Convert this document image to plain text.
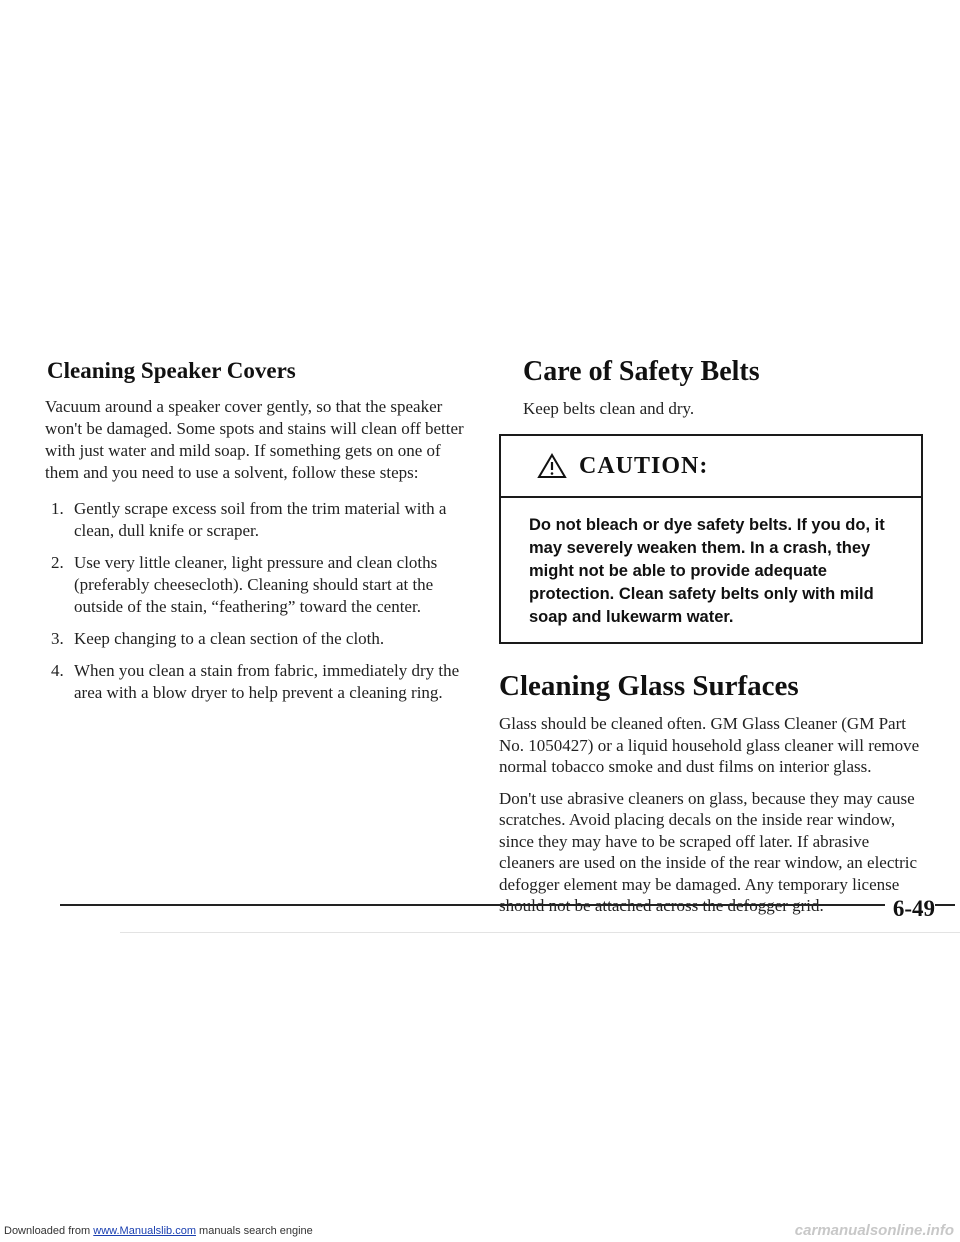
Cleaning Speaker Covers

Vacuum around a speaker cover gently, so that the speaker won't be damaged. Some spots and stains will clean off better with just water and mild soap. If something gets on one of them and you need to use a solvent, follow these steps:

1. Gently scrape excess soil from the trim material with a clean, dull knife or scraper.
2. Use very little cleaner, light pressure and clean cloths (preferably cheesecloth). Cleaning should start at the outside of the stain, “feathering” toward the center.
3. Keep changing to a clean section of the cloth.
4. When you clean a stain from fabric, immediately dry the area with a blow dryer to help prevent a cleaning ring.
Care of Safety Belts

Keep belts clean and dry.

CAUTION:
Do not bleach or dye safety belts. If you do, it may severely weaken them. In a crash, they might not be able to provide adequate protection. Clean safety belts only with mild soap and lukewarm water.
Cleaning Glass Surfaces

Glass should be cleaned often. GM Glass Cleaner (GM Part No. 1050427) or a liquid household glass cleaner will remove normal tobacco smoke and dust films on interior glass.

Don't use abrasive cleaners on glass, because they may cause scratches. Avoid placing decals on the inside rear window, since they may have to be scraped off later. If abrasive cleaners are used on the inside of the rear window, an electric defogger element may be damaged. Any temporary license

6-49
Downloaded from www.Manualslib.com manuals search engine	carmanualsonline.info
